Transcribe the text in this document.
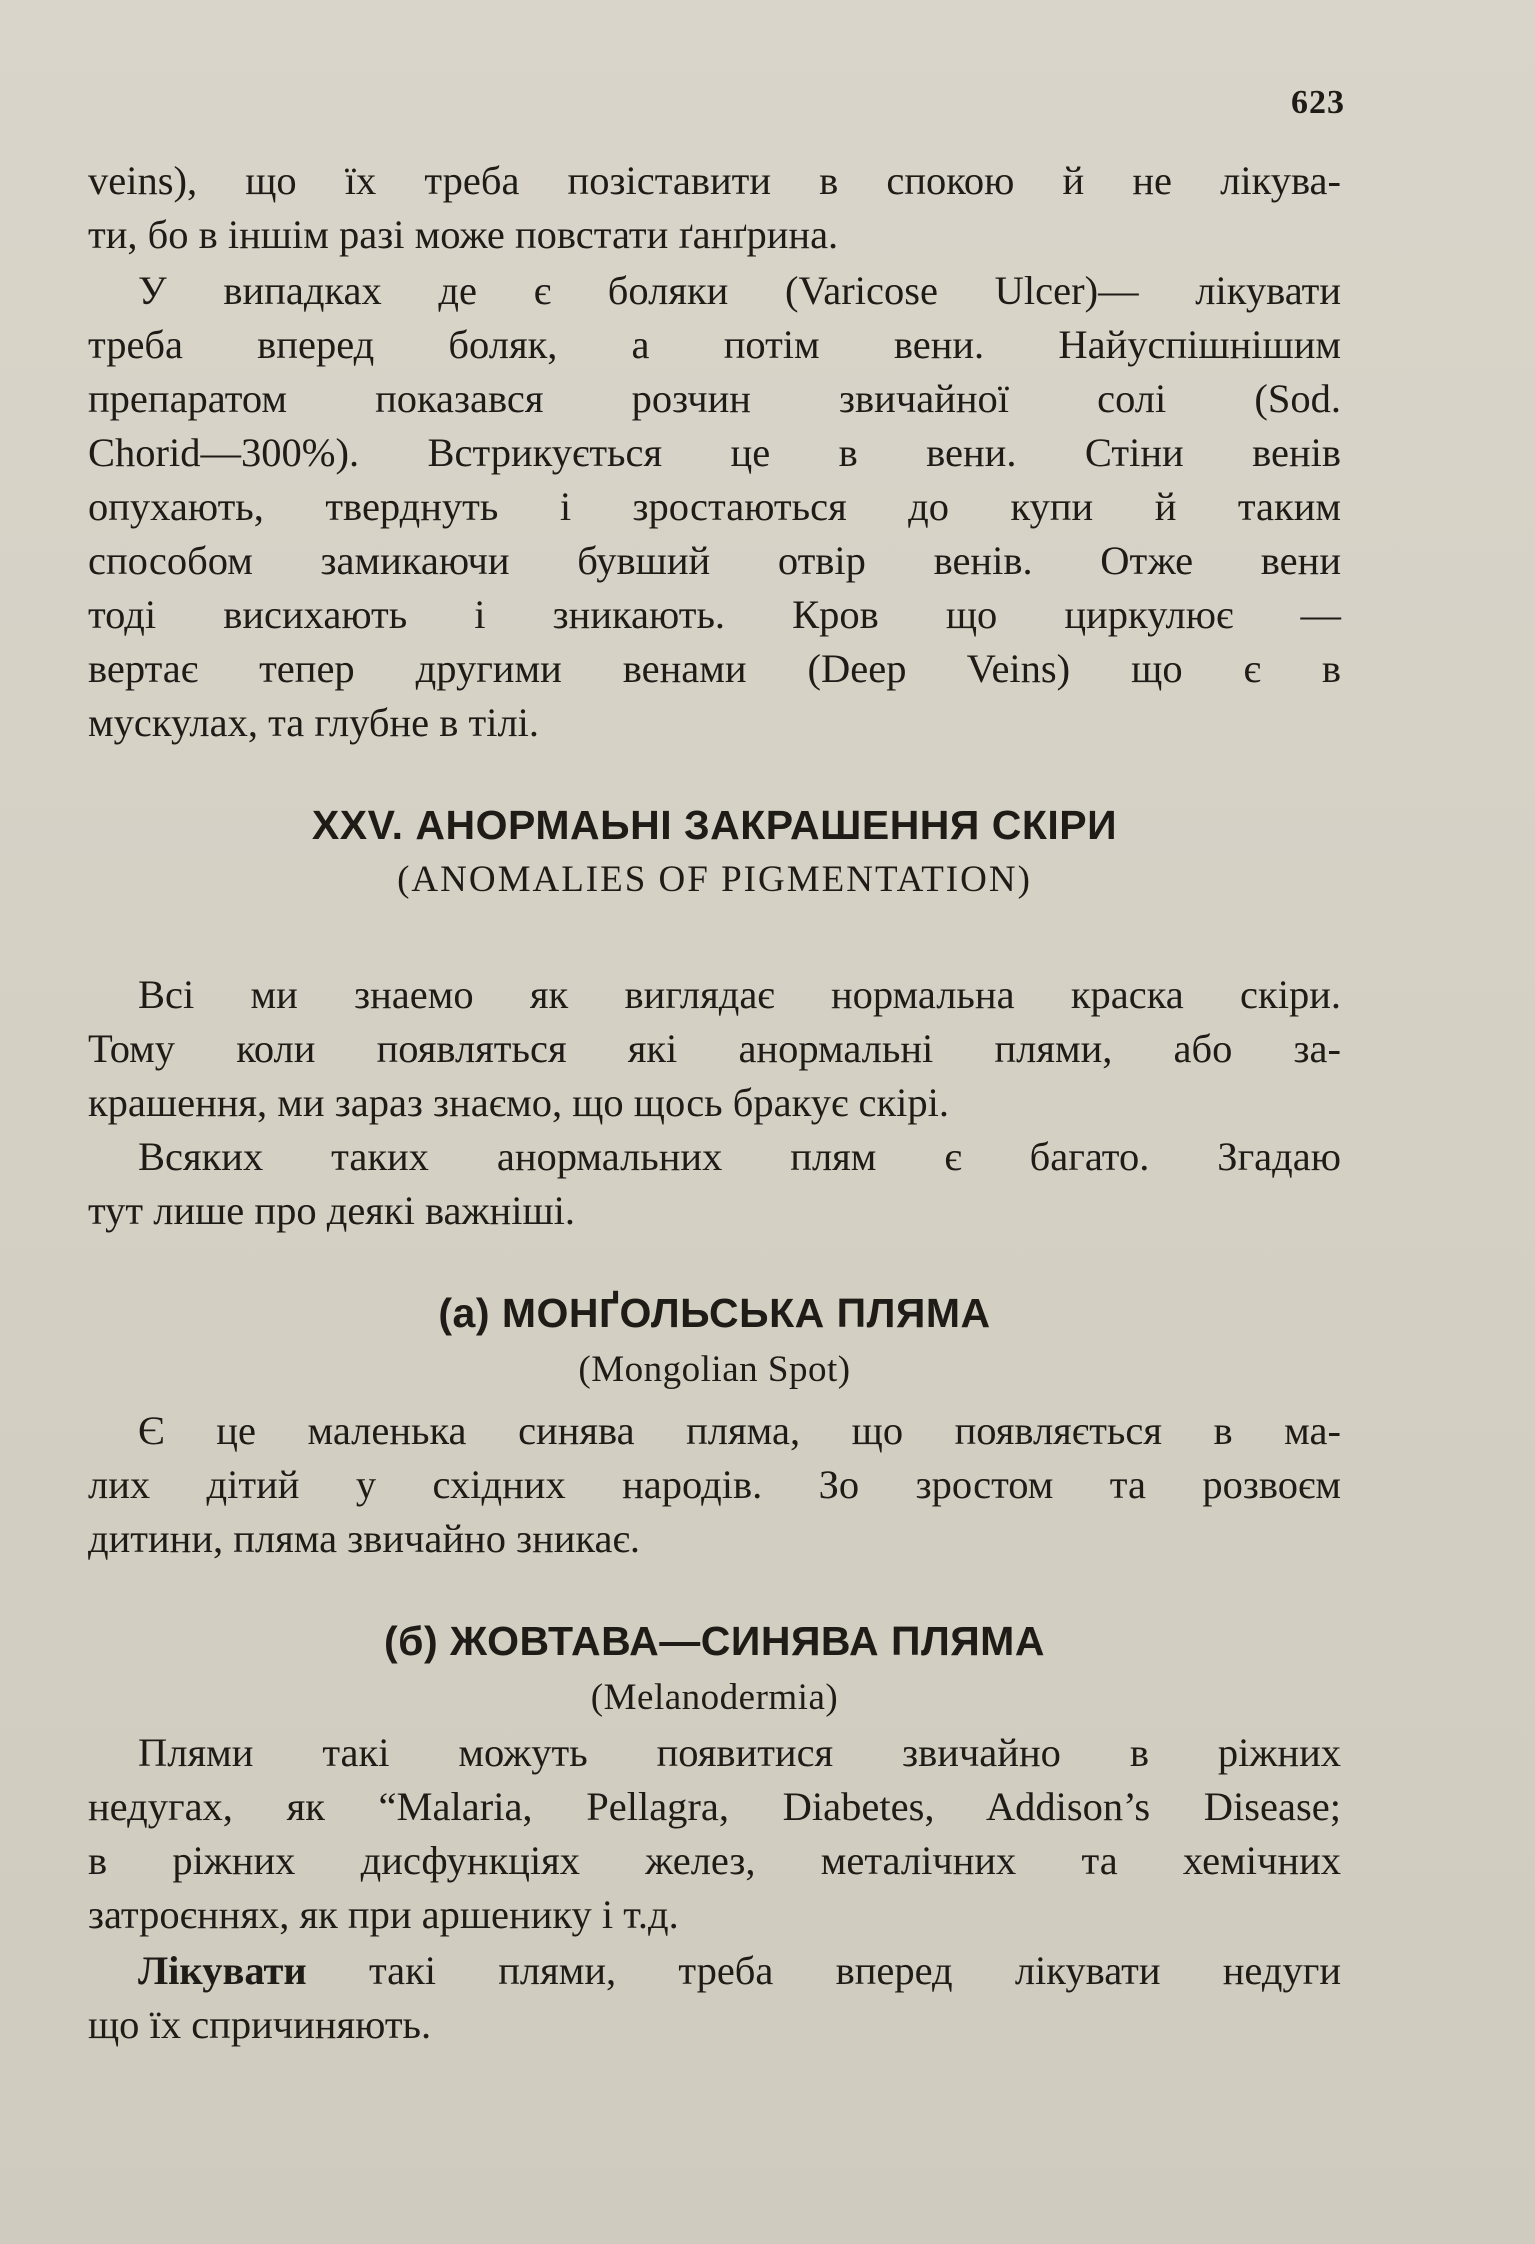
623
veins), що їх треба позіставити в спокою й не лікува-
ти, бо в іншім разі може повстати ґанґрина.
У випадках де є боляки (Varicose Ulcer)— лікувати
треба вперед боляк, а потім вени. Найуспішнішим
препаратом показався розчин звичайної солі (Sod.
Chorid—300%). Встрикується це в вени. Стіни венів
опухають, тверднуть і зростаються до купи й таким
способом замикаючи бувший отвір венів. Отже вени
тоді висихають і зникають. Кров що циркулює —
вертає тепер другими венами (Deep Veins) що є в
мускулах, та глубне в тілі.
XXV. АНОРМАЬНІ ЗАКРАШЕННЯ СКІРИ
(ANOMALIES OF PIGMENTATION)
Всі ми знаемо як виглядає нормальна краска скіри.
Тому коли появляться які анормальні плями, або за-
крашення, ми зараз знаємо, що щось бракує скірі.
Всяких таких анормальних плям є багато. Згадаю
тут лише про деякі важніші.
(а) МОНҐОЛЬСЬКА ПЛЯМА
(Mongolian Spot)
Є це маленька синява пляма, що появляється в ма-
лих дітий у східних народів. Зо зростом та розвоєм
дитини, пляма звичайно зникає.
(б) ЖОВТАВА—СИНЯВА ПЛЯМА
(Melanodermia)
Плями такі можуть появитися звичайно в ріжних
недугах, як “Malaria, Pellagra, Diabetes, Addison’s Disease;
в ріжних дисфункціях желез, металічних та хемічних
затроєннях, як при аршенику і т.д.
Лікувати такі плями, треба вперед лікувати недуги
що їх спричиняють.
